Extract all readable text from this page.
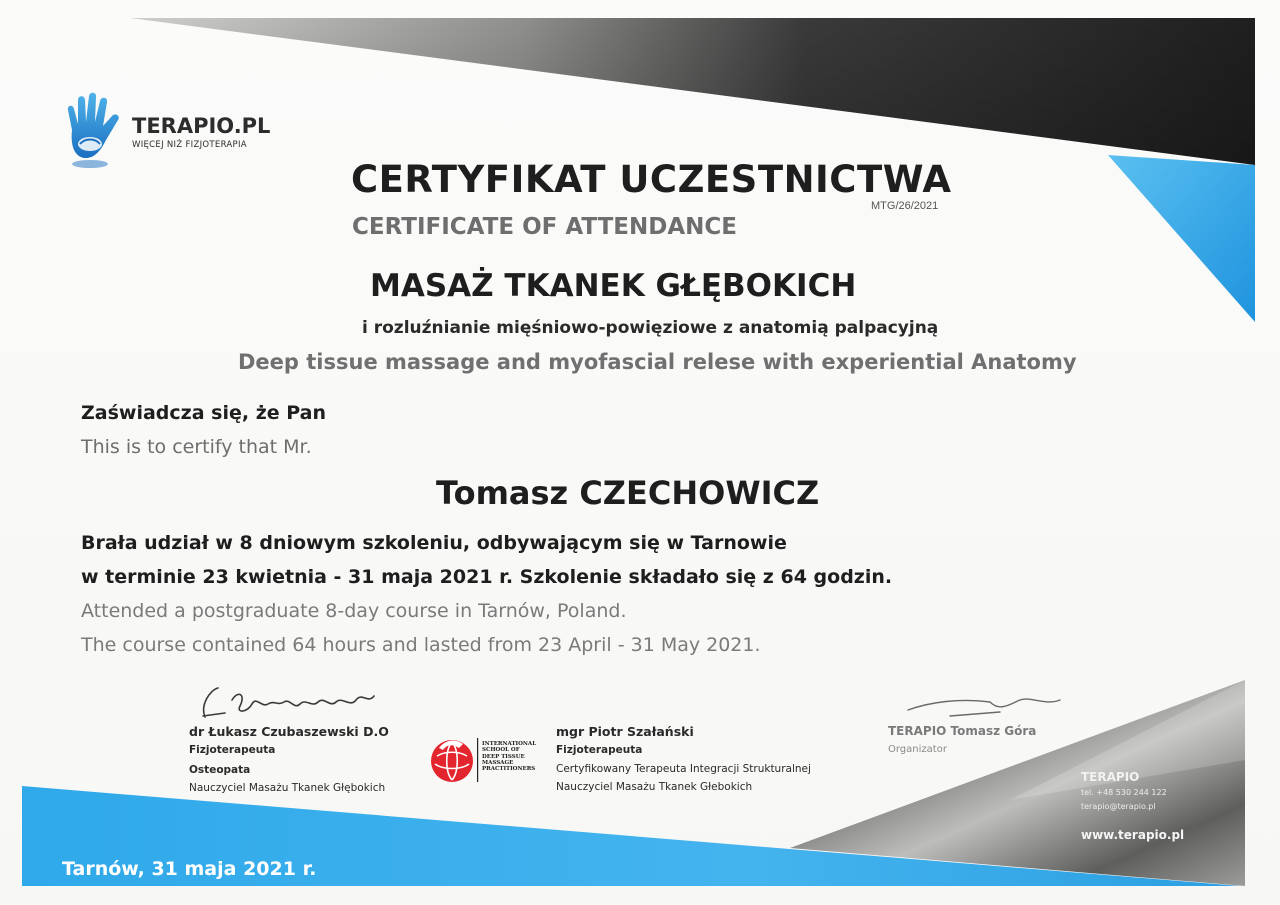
TERAPIO.PL
WIĘCEJ NIŻ FIZJOTERAPIA
CERTYFIKAT UCZESTNICTWA
MTG/26/2021
CERTIFICATE OF ATTENDANCE
MASAŻ TKANEK GŁĘBOKICH
i rozluźnianie mięśniowo-powięziowe z anatomią palpacyjną
Deep tissue massage and myofascial relese with experiential Anatomy
Zaświadcza się, że Pan
This is to certify that Mr.
Tomasz CZECHOWICZ
Brała udział w 8 dniowym szkoleniu, odbywającym się w Tarnowie
w terminie 23 kwietnia - 31 maja 2021 r. Szkolenie składało się z 64 godzin.
Attended a postgraduate 8-day course in Tarnów, Poland.
The course contained 64 hours and lasted from 23 April - 31 May 2021.
dr Łukasz Czubaszewski D.O
Fizjoterapeuta
Osteopata
Nauczyciel Masażu Tkanek Głębokich
INTERNATIONAL
SCHOOL OF
DEEP TISSUE
MASSAGE
PRACTITIONERS
mgr Piotr Szałański
Fizjoterapeuta
Certyfikowany Terapeuta Integracji Strukturalnej
Nauczyciel Masażu Tkanek Głebokich
TERAPIO Tomasz Góra
Organizator
TERAPIO
tel. +48 530 244 122
terapio@terapio.pl
www.terapio.pl
Tarnów, 31 maja 2021 r.
